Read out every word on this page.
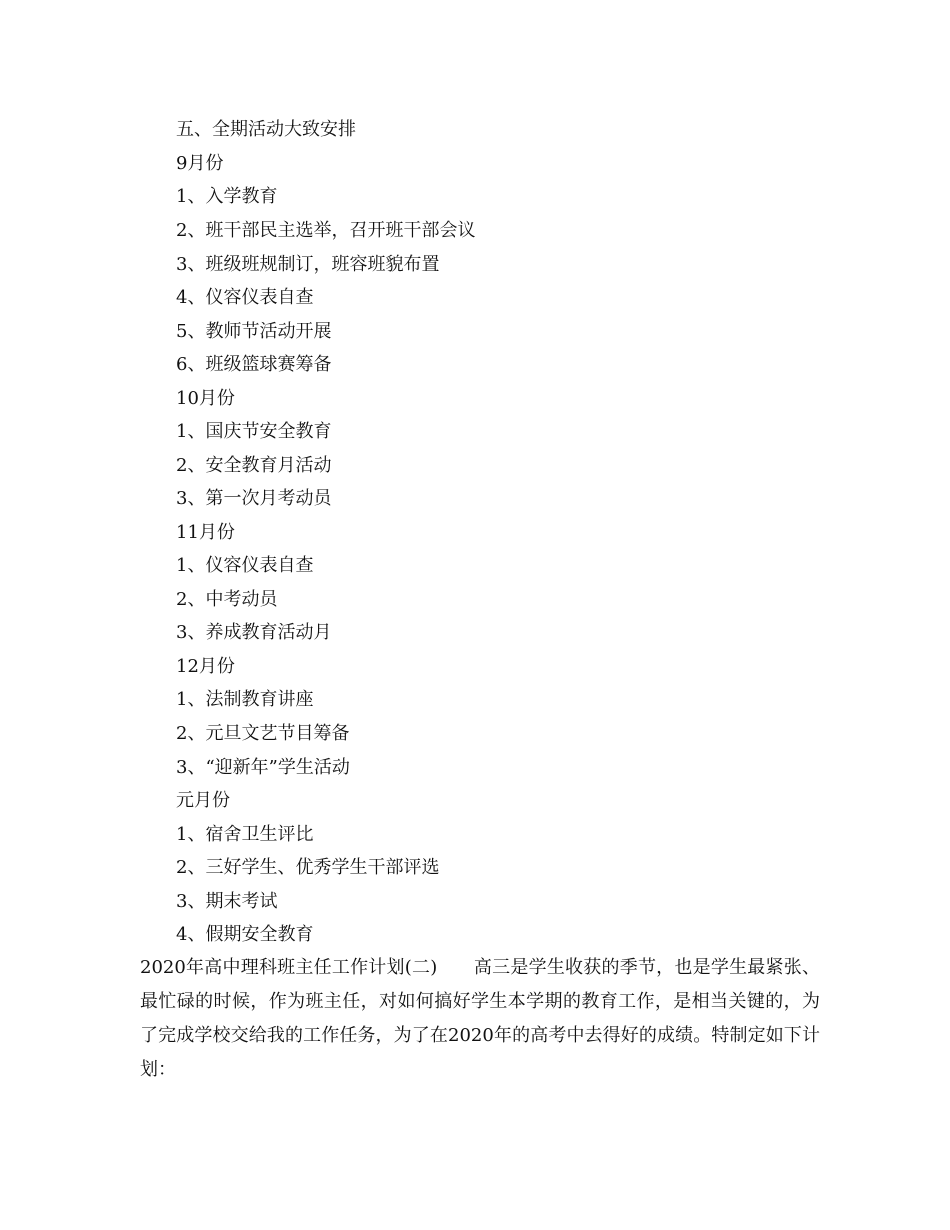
五、全期活动大致安排
9月份
1、入学教育
2、班干部民主选举，召开班干部会议
3、班级班规制订，班容班貌布置
4、仪容仪表自查
5、教师节活动开展
6、班级篮球赛筹备
10月份
1、国庆节安全教育
2、安全教育月活动
3、第一次月考动员
11月份
1、仪容仪表自查
2、中考动员
3、养成教育活动月
12月份
1、法制教育讲座
2、元旦文艺节目筹备
3、“迎新年”学生活动
元月份
1、宿舍卫生评比
2、三好学生、优秀学生干部评选
3、期末考试
4、假期安全教育

2020年高中理科班主任工作计划(二)　　高三是学生收获的季节，也是学生最紧张、最忙碌的时候，作为班主任，对如何搞好学生本学期的教育工作，是相当关键的，为了完成学校交给我的工作任务，为了在2020年的高考中去得好的成绩。特制定如下计划：
